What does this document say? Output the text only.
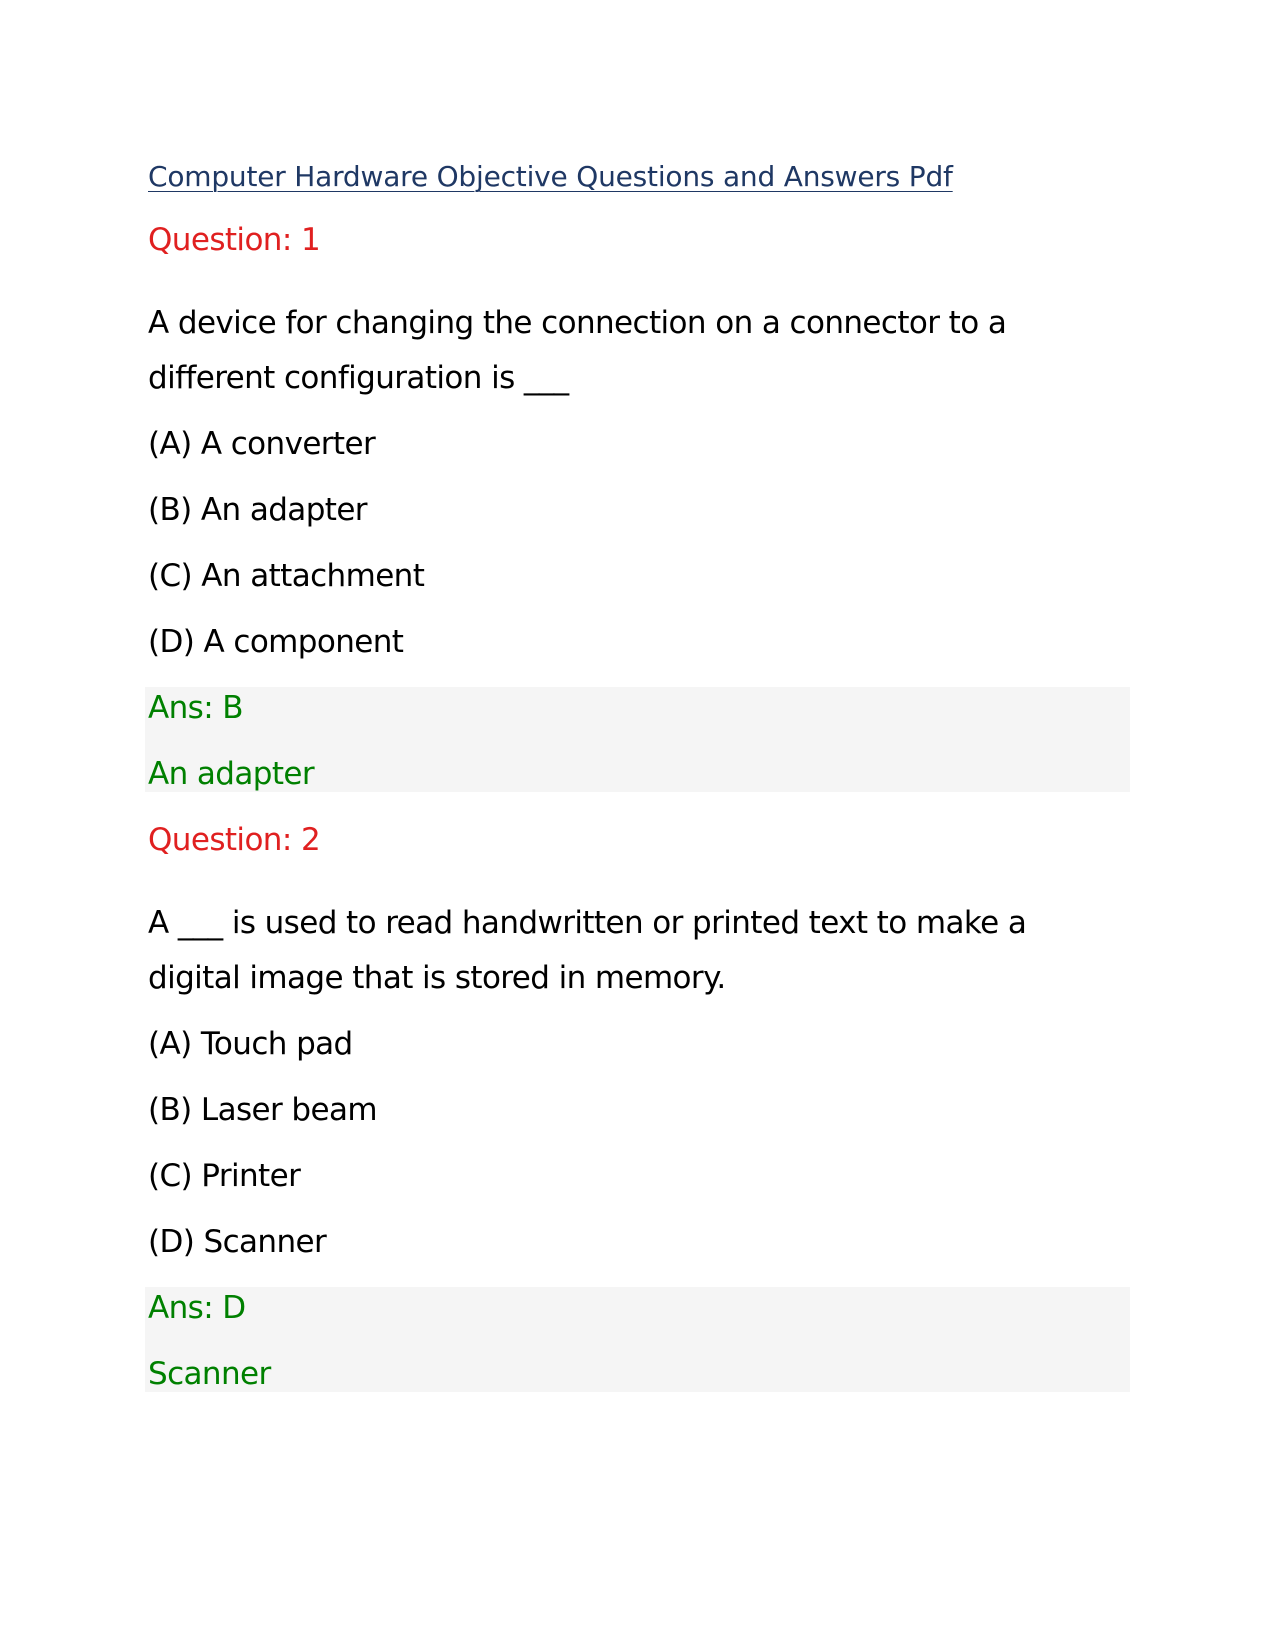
Computer Hardware Objective Questions and Answers Pdf
Question: 1
A device for changing the connection on a connector to a
different configuration is ___
(A) A converter
(B) An adapter
(C) An attachment
(D) A component
Ans: B
An adapter
Question: 2
A ___ is used to read handwritten or printed text to make a
digital image that is stored in memory.
(A) Touch pad
(B) Laser beam
(C) Printer
(D) Scanner
Ans: D
Scanner
